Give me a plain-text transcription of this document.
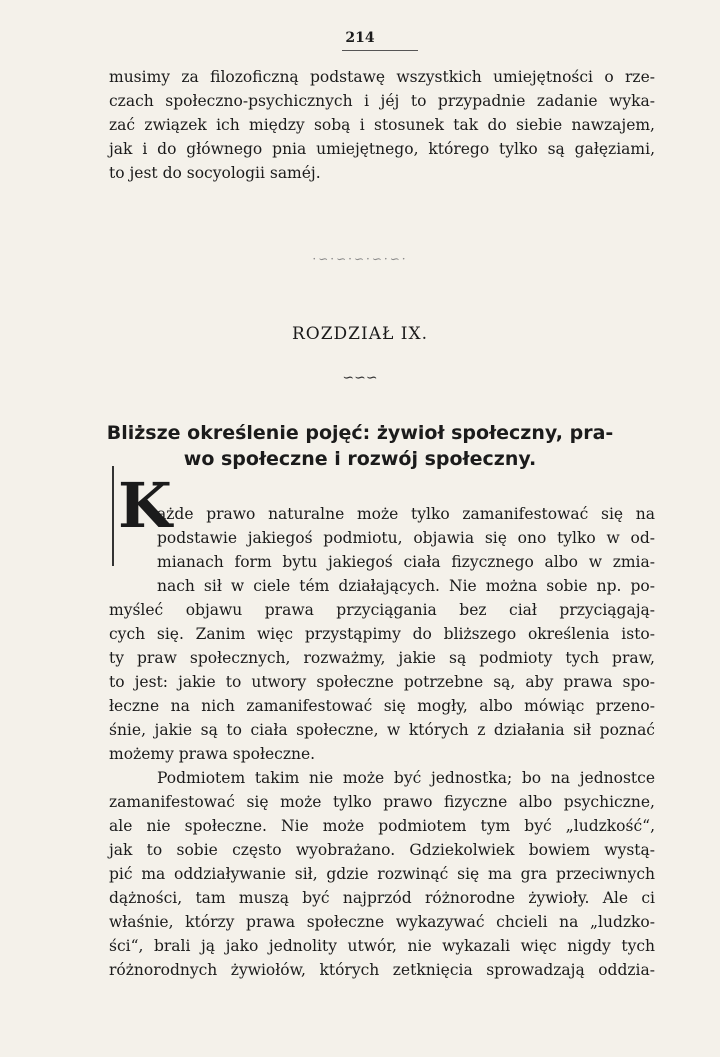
214
musimy za filozoficzną podstawę wszystkich umiejętności o rze-
czach społeczno-psychicznych i jéj to przypadnie zadanie wyka-
zać związek ich między sobą i stosunek tak do siebie nawzajem,
jak i do głównego pnia umiejętnego, którego tylko są gałęziami,
to jest do socyologii saméj.
·∽·∽·∽·∽·∽·
ROZDZIAŁ IX.
∽∽∽
Bliższe określenie pojęć: żywioł społeczny, pra-
wo społeczne i rozwój społeczny.
K
ażde prawo naturalne może tylko zamanifestować się na
podstawie jakiegoś podmiotu, objawia się ono tylko w od-
mianach form bytu jakiegoś ciała fizycznego albo w zmia-
nach sił w ciele tém działających. Nie można sobie np. po-
myśleć objawu prawa przyciągania bez ciał przyciągają-
cych się. Zanim więc przystąpimy do bliższego określenia isto-
ty praw społecznych, rozważmy, jakie są podmioty tych praw,
to jest: jakie to utwory społeczne potrzebne są, aby prawa spo-
łeczne na nich zamanifestować się mogły, albo mówiąc przeno-
śnie, jakie są to ciała społeczne, w których z działania sił poznać
możemy prawa społeczne.
Podmiotem takim nie może być jednostka; bo na jednostce
zamanifestować się może tylko prawo fizyczne albo psychiczne,
ale nie społeczne. Nie może podmiotem tym być „ludzkość“,
jak to sobie często wyobrażano. Gdziekolwiek bowiem wystą-
pić ma oddziaływanie sił, gdzie rozwinąć się ma gra przeciwnych
dążności, tam muszą być najprzód różnorodne żywioły. Ale ci
właśnie, którzy prawa społeczne wykazywać chcieli na „ludzko-
ści“, brali ją jako jednolity utwór, nie wykazali więc nigdy tych
różnorodnych żywiołów, których zetknięcia sprowadzają oddzia-
